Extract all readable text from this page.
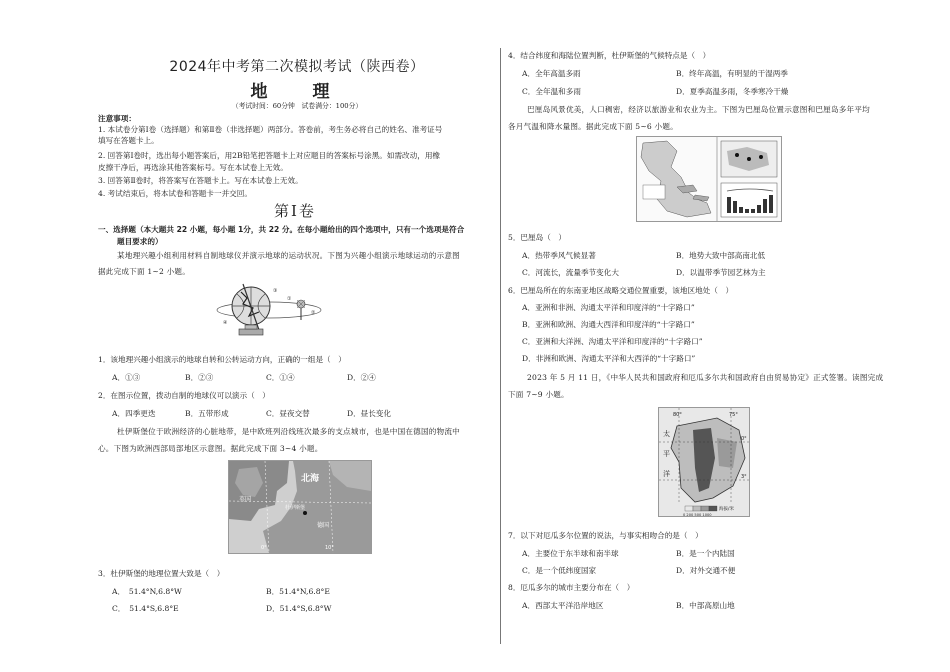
2024年中考第二次模拟考试（陕西卷）
地　理
（考试时间：60分钟　试卷满分：100分）
注意事项：
1. 本试卷分第Ⅰ卷（选择题）和第Ⅱ卷（非选择题）两部分。答卷前，考生务必将自己的姓名、准考证号
填写在答题卡上。
2. 回答第Ⅰ卷时，选出每小题答案后，用2B铅笔把答题卡上对应题目的答案标号涂黑。如需改动，用橡
皮擦干净后，再选涂其他答案标号。写在本试卷上无效。
3. 回答第Ⅱ卷时，将答案写在答题卡上。写在本试卷上无效。
4. 考试结束后，将本试卷和答题卡一并交回。
第Ⅰ卷
一、选择题（本大题共 22 小题，每小题 1分，共 22 分。在每小题给出的四个选项中，只有一个选项是符合
题目要求的）
某地理兴趣小组利用材料自制地球仪并演示地球的运动状况。下图为兴趣小组演示地球运动的示意图
据此完成下面 1~2 小题。
①
②
③
④
1．该地理兴趣小组演示的地球自转和公转运动方向，正确的一组是（　）
A．①③	B．②③	C．①④	D．②④
2．在图示位置，拨动自制的地球仪可以演示（　）
A．四季更迭	B．五带形成	C．昼夜交替	D．昼长变化
杜伊斯堡位于欧洲经济的心脏地带，是中欧班列沿线班次最多的支点城市，也是中国在德国的物流中
心。下图为欧洲西部局部地区示意图。据此完成下面 3~4 小题。
北海
英国
德国
杜伊斯堡
0°	10°
3．杜伊斯堡的地理位置大致是（　）
A．　51.4°N,6.8°W	B．51.4°N,6.8°E
C．　51.4°S,6.8°E	D．51.4°S,6.8°W
4．结合纬度和海陆位置判断，杜伊斯堡的气候特点是（　）
A．全年高温多雨	B．终年高温，有明显的干湿两季
C．全年温和多雨	D．夏季高温多雨，冬季寒冷干燥
巴厘岛风景优美，人口稠密，经济以旅游业和农业为主。下图为巴厘岛位置示意图和巴厘岛多年平均
各月气温和降水量图。据此完成下面 5~6 小题。
5．巴厘岛（　）
A．热带季风气候显著	B．地势大致中部高南北低
C．河流长，流量季节变化大	D．以温带季节园艺林为主
6．巴厘岛所在的东南亚地区战略交通位置重要，该地区地处（　）
A．亚洲和非洲、沟通太平洋和印度洋的“十字路口”
B．亚洲和欧洲、沟通大西洋和印度洋的“十字路口”
C．亚洲和大洋洲、沟通太平洋和印度洋的“十字路口”
D．非洲和欧洲、沟通太平洋和大西洋的“十字路口”
2023 年 5 月 11 日，《中华人民共和国政府和厄瓜多尔共和国政府自由贸易协定》正式签署。读图完成
下面 7~9 小题。
太
平
洋
80°	75°
0°
3°
海拔/米
0 200 500 1000
7．以下对厄瓜多尔位置的说法，与事实相吻合的是（　）
A．主要位于东半球和南半球	B．是一个内陆国
C．是一个低纬度国家	D．对外交通不便
8．厄瓜多尔的城市主要分布在（　）
A．西部太平洋沿岸地区	B．中部高原山地
